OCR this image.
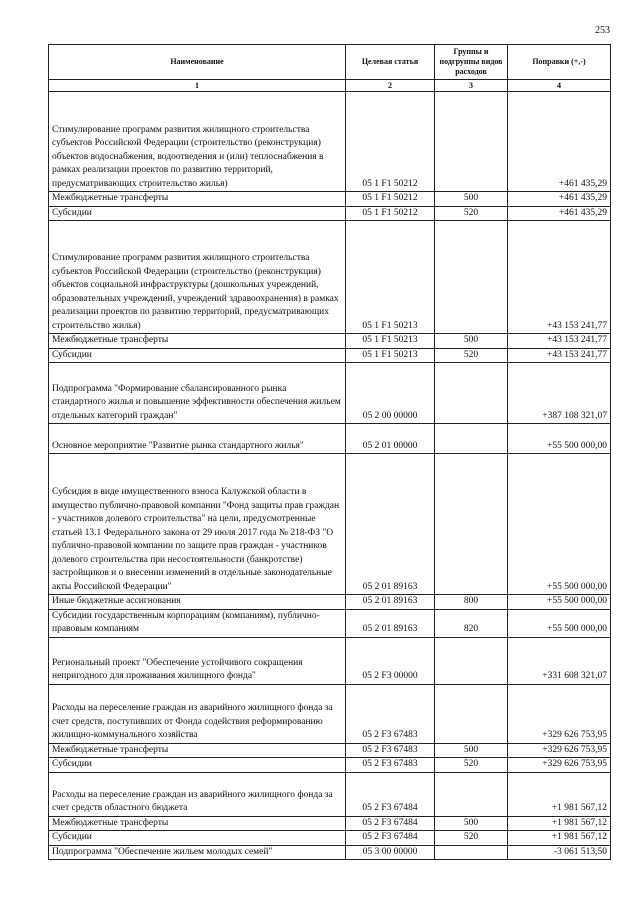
253
Наименование	Целевая статья	Группы и подгруппы видов расходов	Поправки (+,-)
1	2	3	4
Стимулирование программ развития жилищного строительства субъектов Российской Федерации (строительство (реконструкция) объектов водоснабжения, водоотведения и (или) теплоснабжения в рамках реализации проектов по развитию территорий, предусматривающих строительство жилья)	05 1 F1 50212		+461 435,29
Межбюджетные трансферты	05 1 F1 50212	500	+461 435,29
Субсидии	05 1 F1 50212	520	+461 435,29
Стимулирование программ развития жилищного строительства субъектов Российской Федерации (строительство (реконструкция) объектов социальной инфраструктуры (дошкольных учреждений, образовательных учреждений, учреждений здравоохранения) в рамках реализации проектов по развитию территорий, предусматривающих строительство жилья)	05 1 F1 50213		+43 153 241,77
Межбюджетные трансферты	05 1 F1 50213	500	+43 153 241,77
Субсидии	05 1 F1 50213	520	+43 153 241,77
Подпрограмма "Формирование сбалансированного рынка стандартного жилья и повышение эффективности обеспечения жильем отдельных категорий граждан"	05 2 00 00000		+387 108 321,07
Основное мероприятие "Развитие рынка стандартного жилья"	05 2 01 00000		+55 500 000,00
Субсидия в виде имущественного взноса Калужской области в имущество публично-правовой компании "Фонд защиты прав граждан - участников долевого строительства" на цели, предусмотренные статьей 13.1 Федерального закона от 29 июля 2017 года № 218-ФЗ "О публично-правовой компании по защите прав граждан - участников долевого строительства при несостоятельности (банкротстве) застройщиков и о внесении изменений в отдельные законодательные акты Российской Федерации"	05 2 01 89163		+55 500 000,00
Иные бюджетные ассигнования	05 2 01 89163	800	+55 500 000,00
Субсидии государственным корпорациям (компаниям), публично-правовым компаниям	05 2 01 89163	820	+55 500 000,00
Региональный проект "Обеспечение устойчивого сокращения непригодного для проживания жилищного фонда"	05 2 F3 00000		+331 608 321,07
Расходы на переселение граждан из аварийного жилищного фонда за счет средств, поступивших от Фонда содействия реформированию жилищно-коммунального хозяйства	05 2 F3 67483		+329 626 753,95
Межбюджетные трансферты	05 2 F3 67483	500	+329 626 753,95
Субсидии	05 2 F3 67483	520	+329 626 753,95
Расходы на переселение граждан из аварийного жилищного фонда за счет средств областного бюджета	05 2 F3 67484		+1 981 567,12
Межбюджетные трансферты	05 2 F3 67484	500	+1 981 567,12
Субсидии	05 2 F3 67484	520	+1 981 567,12
Подпрограмма "Обеспечение жильем молодых семей"	05 3 00 00000		-3 061 513,50
